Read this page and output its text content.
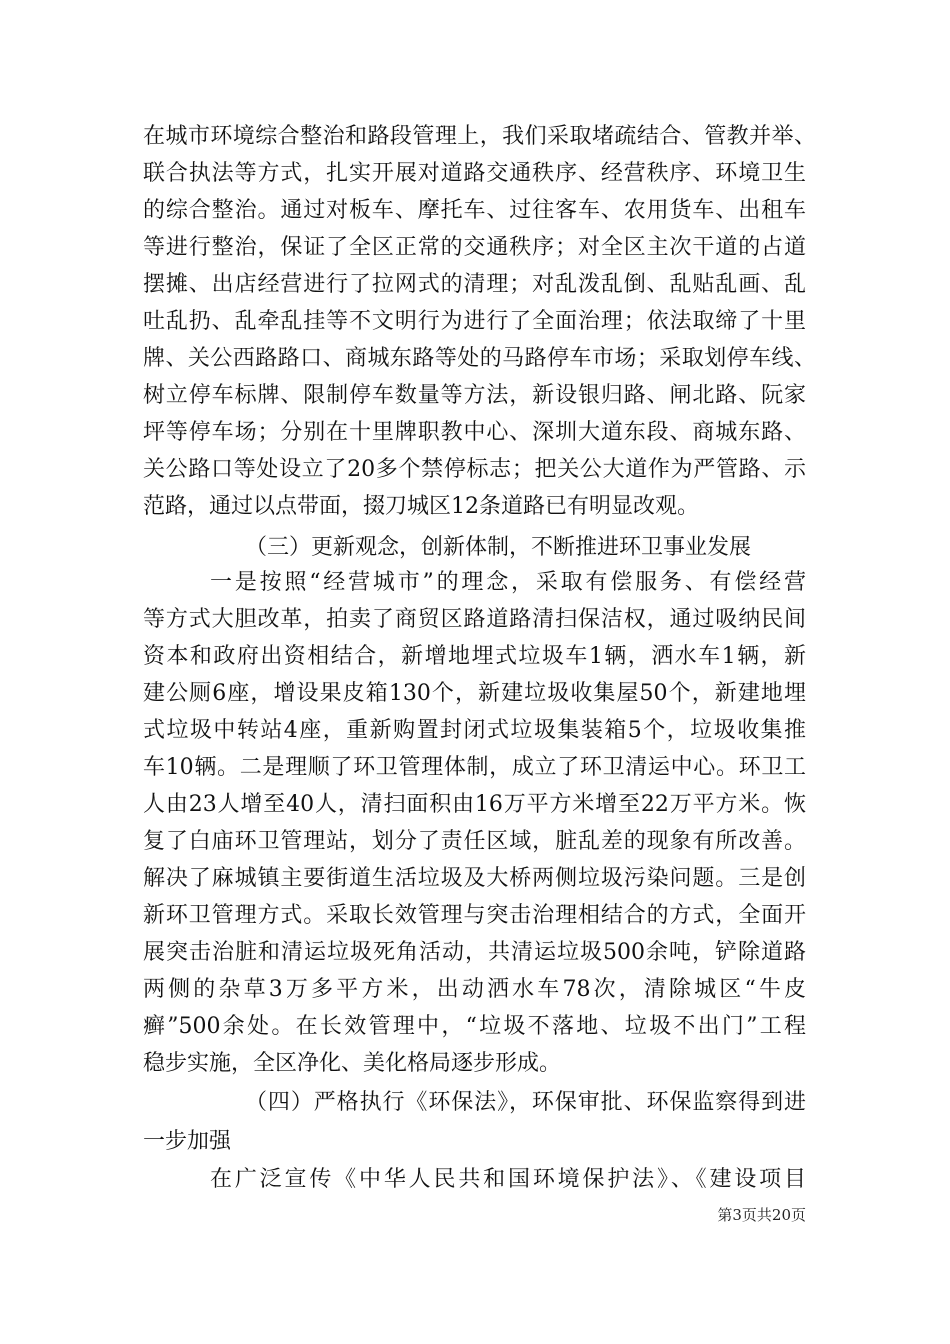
在城市环境综合整治和路段管理上，我们采取堵疏结合、管教并举、
联合执法等方式，扎实开展对道路交通秩序、经营秩序、环境卫生
的综合整治。通过对板车、摩托车、过往客车、农用货车、出租车
等进行整治，保证了全区正常的交通秩序；对全区主次干道的占道
摆摊、出店经营进行了拉网式的清理；对乱泼乱倒、乱贴乱画、乱
吐乱扔、乱牵乱挂等不文明行为进行了全面治理；依法取缔了十里
牌、关公西路路口、商城东路等处的马路停车市场；采取划停车线、
树立停车标牌、限制停车数量等方法，新设银归路、闸北路、阮家
坪等停车场；分别在十里牌职教中心、深圳大道东段、商城东路、
关公路口等处设立了20多个禁停标志；把关公大道作为严管路、示
范路，通过以点带面，掇刀城区12条道路已有明显改观。
（三）更新观念，创新体制，不断推进环卫事业发展
一是按照“经营城市”的理念，采取有偿服务、有偿经营
等方式大胆改革，拍卖了商贸区路道路清扫保洁权，通过吸纳民间
资本和政府出资相结合，新增地埋式垃圾车1辆，洒水车1辆，新
建公厕6座，增设果皮箱130个，新建垃圾收集屋50个，新建地埋
式垃圾中转站4座，重新购置封闭式垃圾集装箱5个，垃圾收集推
车10辆。二是理顺了环卫管理体制，成立了环卫清运中心。环卫工
人由23人增至40人，清扫面积由16万平方米增至22万平方米。恢
复了白庙环卫管理站，划分了责任区域，脏乱差的现象有所改善。
解决了麻城镇主要街道生活垃圾及大桥两侧垃圾污染问题。三是创
新环卫管理方式。采取长效管理与突击治理相结合的方式，全面开
展突击治脏和清运垃圾死角活动，共清运垃圾500余吨，铲除道路
两侧的杂草3万多平方米，出动洒水车78次，清除城区“牛皮
癣”500余处。在长效管理中，“垃圾不落地、垃圾不出门”工程
稳步实施，全区净化、美化格局逐步形成。
（四）严格执行《环保法》，环保审批、环保监察得到进
一步加强
在广泛宣传《中华人民共和国环境保护法》、《建设项目
第3页共20页
